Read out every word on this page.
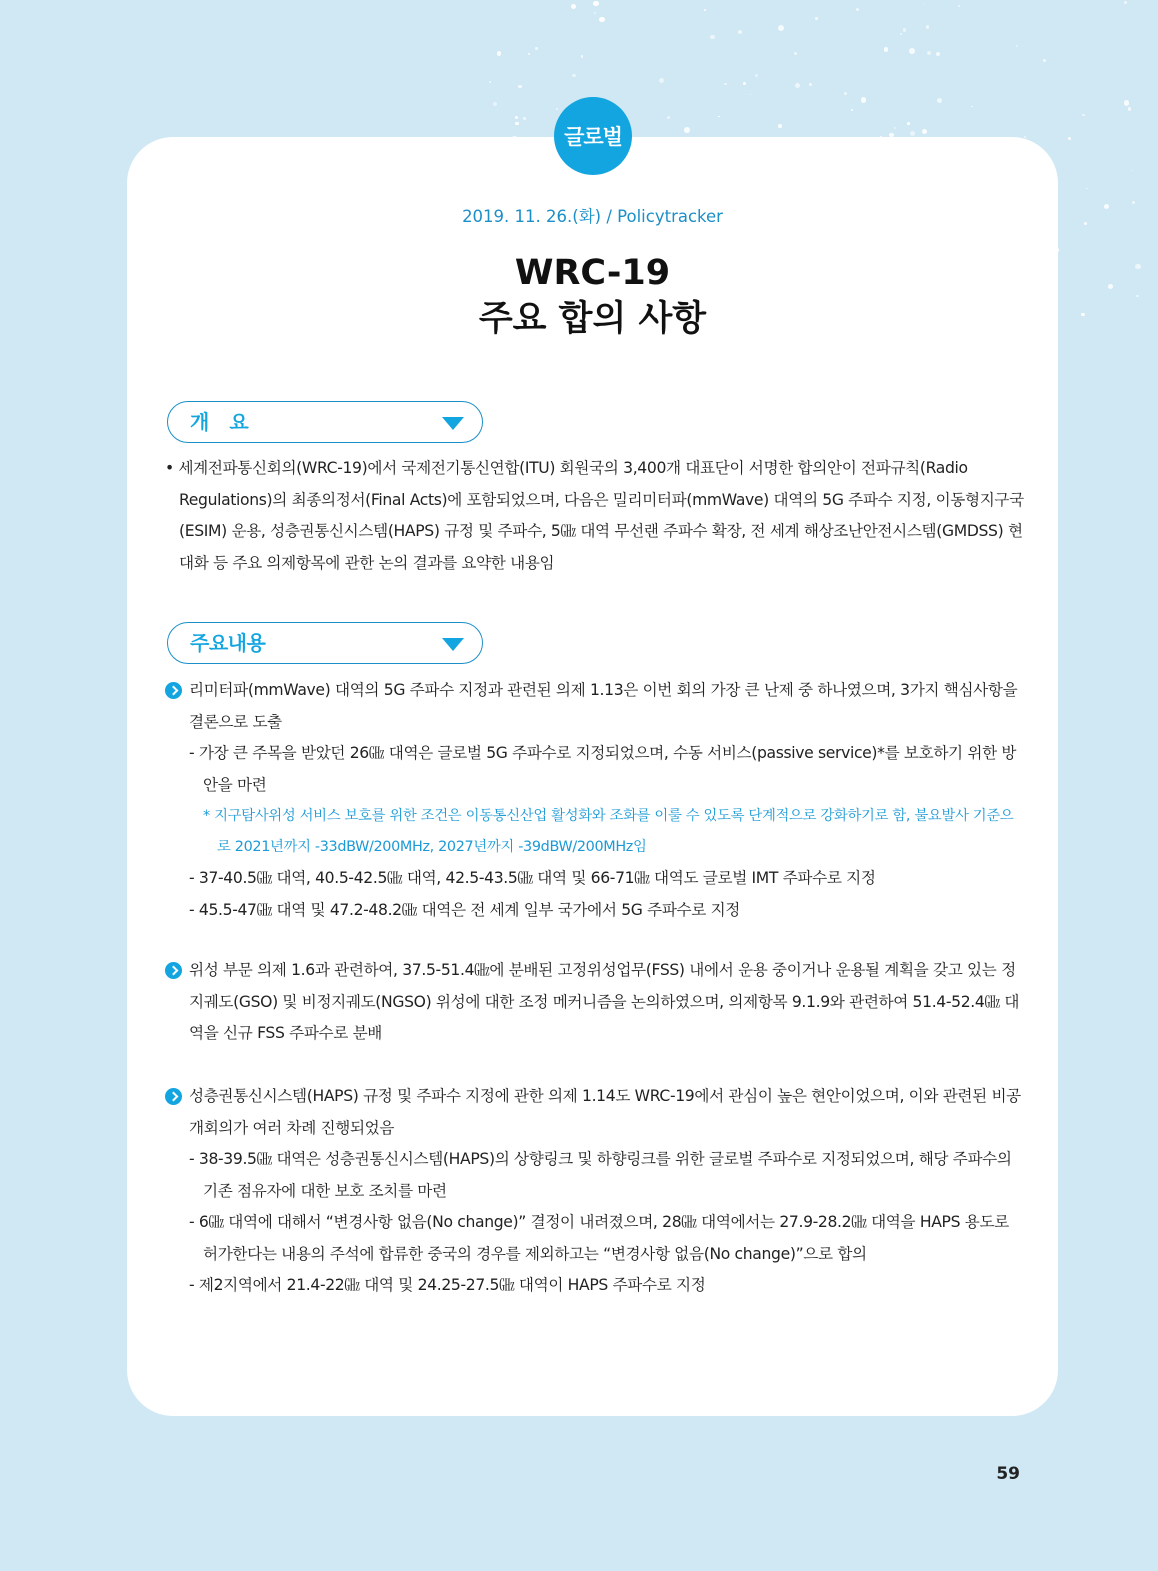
글로벌
2019. 11. 26.(화) / Policytracker
WRC-19
주요 합의 사항
개요
• 세계전파통신회의(WRC-19)에서 국제전기통신연합(ITU) 회원국의 3,400개 대표단이 서명한 합의안이 전파규칙(Radio Regulations)의 최종의정서(Final Acts)에 포함되었으며, 다음은 밀리미터파(mmWave) 대역의 5G 주파수 지정, 이동형지구국(ESIM) 운용, 성층권통신시스템(HAPS) 규정 및 주파수, 5㎓ 대역 무선랜 주파수 확장, 전 세계 해상조난안전시스템(GMDSS) 현대화 등 주요 의제항목에 관한 논의 결과를 요약한 내용임
주요내용
리미터파(mmWave) 대역의 5G 주파수 지정과 관련된 의제 1.13은 이번 회의 가장 큰 난제 중 하나였으며, 3가지 핵심사항을 결론으로 도출
- 가장 큰 주목을 받았던 26㎓ 대역은 글로벌 5G 주파수로 지정되었으며, 수동 서비스(passive service)*를 보호하기 위한 방안을 마련
* 지구탐사위성 서비스 보호를 위한 조건은 이동통신산업 활성화와 조화를 이룰 수 있도록 단계적으로 강화하기로 함, 불요발사 기준으로 2021년까지 -33dBW/200MHz, 2027년까지 -39dBW/200MHz임
- 37-40.5㎓ 대역, 40.5-42.5㎓ 대역, 42.5-43.5㎓ 대역 및 66-71㎓ 대역도 글로벌 IMT 주파수로 지정
- 45.5-47㎓ 대역 및 47.2-48.2㎓ 대역은 전 세계 일부 국가에서 5G 주파수로 지정
위성 부문 의제 1.6과 관련하여, 37.5-51.4㎓에 분배된 고정위성업무(FSS) 내에서 운용 중이거나 운용될 계획을 갖고 있는 정지궤도(GSO) 및 비정지궤도(NGSO) 위성에 대한 조정 메커니즘을 논의하였으며, 의제항목 9.1.9와 관련하여 51.4-52.4㎓ 대역을 신규 FSS 주파수로 분배
성층권통신시스템(HAPS) 규정 및 주파수 지정에 관한 의제 1.14도 WRC-19에서 관심이 높은 현안이었으며, 이와 관련된 비공개회의가 여러 차례 진행되었음
- 38-39.5㎓ 대역은 성층권통신시스템(HAPS)의 상향링크 및 하향링크를 위한 글로벌 주파수로 지정되었으며, 해당 주파수의 기존 점유자에 대한 보호 조치를 마련
- 6㎓ 대역에 대해서 “변경사항 없음(No change)” 결정이 내려졌으며, 28㎓ 대역에서는 27.9-28.2㎓ 대역을 HAPS 용도로 허가한다는 내용의 주석에 합류한 중국의 경우를 제외하고는 “변경사항 없음(No change)”으로 합의
- 제2지역에서 21.4-22㎓ 대역 및 24.25-27.5㎓ 대역이 HAPS 주파수로 지정
59
